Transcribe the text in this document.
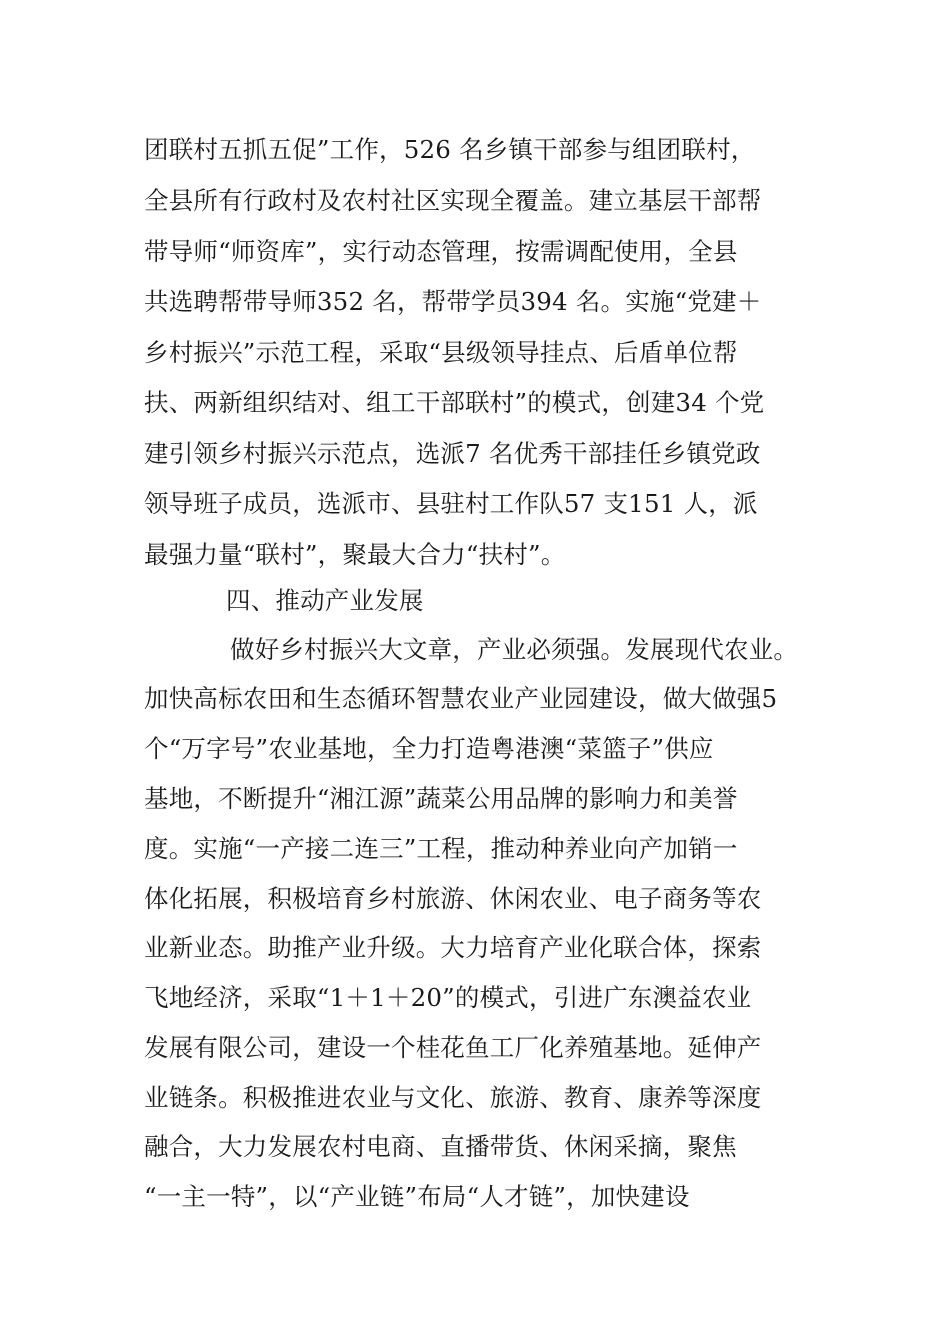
团联村五抓五促”工作，526 名乡镇干部参与组团联村，
全县所有行政村及农村社区实现全覆盖。建立基层干部帮
带导师“师资库”，实行动态管理，按需调配使用，全县
共选聘帮带导师352 名，帮带学员394 名。实施“党建＋
乡村振兴”示范工程，采取“县级领导挂点、后盾单位帮
扶、两新组织结对、组工干部联村”的模式，创建34 个党
建引领乡村振兴示范点，选派7 名优秀干部挂任乡镇党政
领导班子成员，选派市、县驻村工作队57 支151 人，派
最强力量“联村”，聚最大合力“扶村”。
四、推动产业发展
做好乡村振兴大文章，产业必须强。发展现代农业。
加快高标农田和生态循环智慧农业产业园建设，做大做强5
个“万字号”农业基地，全力打造粤港澳“菜篮子”供应
基地，不断提升“湘江源”蔬菜公用品牌的影响力和美誉
度。实施“一产接二连三”工程，推动种养业向产加销一
体化拓展，积极培育乡村旅游、休闲农业、电子商务等农
业新业态。助推产业升级。大力培育产业化联合体，探索
飞地经济，采取“1＋1＋20”的模式，引进广东澳益农业
发展有限公司，建设一个桂花鱼工厂化养殖基地。延伸产
业链条。积极推进农业与文化、旅游、教育、康养等深度
融合，大力发展农村电商、直播带货、休闲采摘，聚焦
“一主一特”，以“产业链”布局“人才链”，加快建设
